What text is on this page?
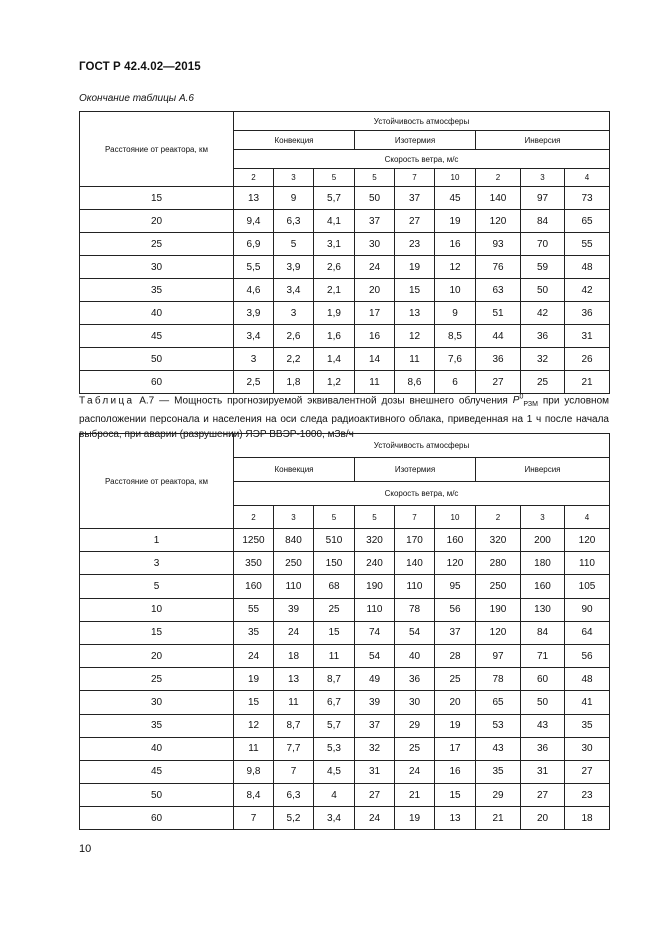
ГОСТ Р 42.4.02—2015
Окончание таблицы А.6
Расстояние от реактора, км	Устойчивость атмосферы								
	Конвекция			Изотермия			Инверсия		
	Скорость ветра, м/с								
	2	3	5	5	7	10	2	3	4
15	13	9	5,7	50	37	45	140	97	73
20	9,4	6,3	4,1	37	27	19	120	84	65
25	6,9	5	3,1	30	23	16	93	70	55
30	5,5	3,9	2,6	24	19	12	76	59	48
35	4,6	3,4	2,1	20	15	10	63	50	42
40	3,9	3	1,9	17	13	9	51	42	36
45	3,4	2,6	1,6	16	12	8,5	44	36	31
50	3	2,2	1,4	14	11	7,6	36	32	26
60	2,5	1,8	1,2	11	8,6	6	27	25	21
Таблица А.7 — Мощность прогнозируемой эквивалентной дозы внешнего облучения $P^0_{РЗМ}$ при условном расположении персонала и населения на оси следа радиоактивного облака, приведенная на 1 ч после начала выброса, при аварии (разрушении) ЯЭР ВВЭР-1000, мЗв/ч
Расстояние от реактора, км	Устойчивость атмосферы								
	Конвекция			Изотермия			Инверсия		
	Скорость ветра, м/с								
	2	3	5	5	7	10	2	3	4
1	1250	840	510	320	170	160	320	200	120
3	350	250	150	240	140	120	280	180	110
5	160	110	68	190	110	95	250	160	105
10	55	39	25	110	78	56	190	130	90
15	35	24	15	74	54	37	120	84	64
20	24	18	11	54	40	28	97	71	56
25	19	13	8,7	49	36	25	78	60	48
30	15	11	6,7	39	30	20	65	50	41
35	12	8,7	5,7	37	29	19	53	43	35
40	11	7,7	5,3	32	25	17	43	36	30
45	9,8	7	4,5	31	24	16	35	31	27
50	8,4	6,3	4	27	21	15	29	27	23
60	7	5,2	3,4	24	19	13	21	20	18
10
